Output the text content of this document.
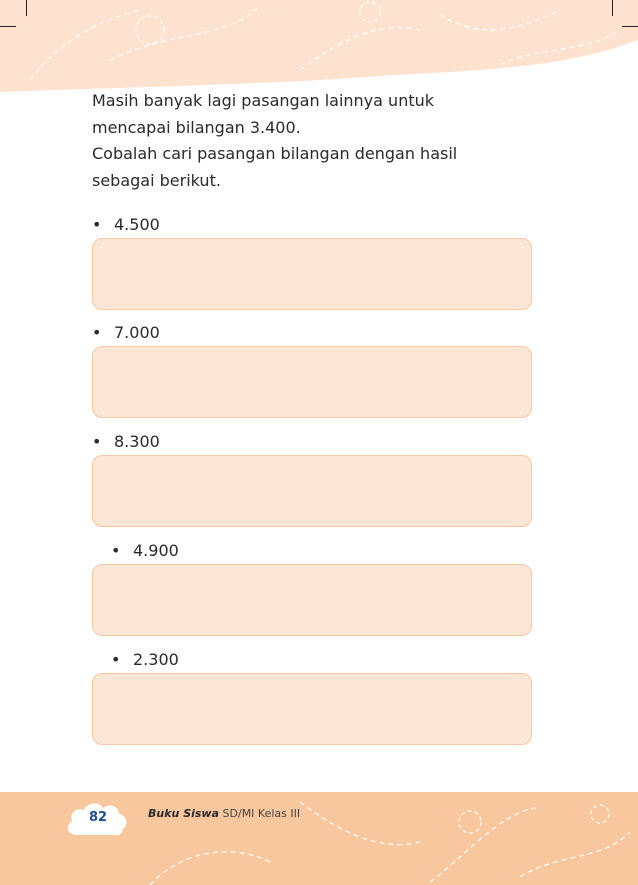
Masih banyak lagi pasangan lainnya untuk
mencapai bilangan 3.400.
Cobalah cari pasangan bilangan dengan hasil
sebagai berikut.

• 4.500
• 7.000
• 8.300
• 4.900
• 2.300
82	Buku Siswa SD/MI Kelas III
